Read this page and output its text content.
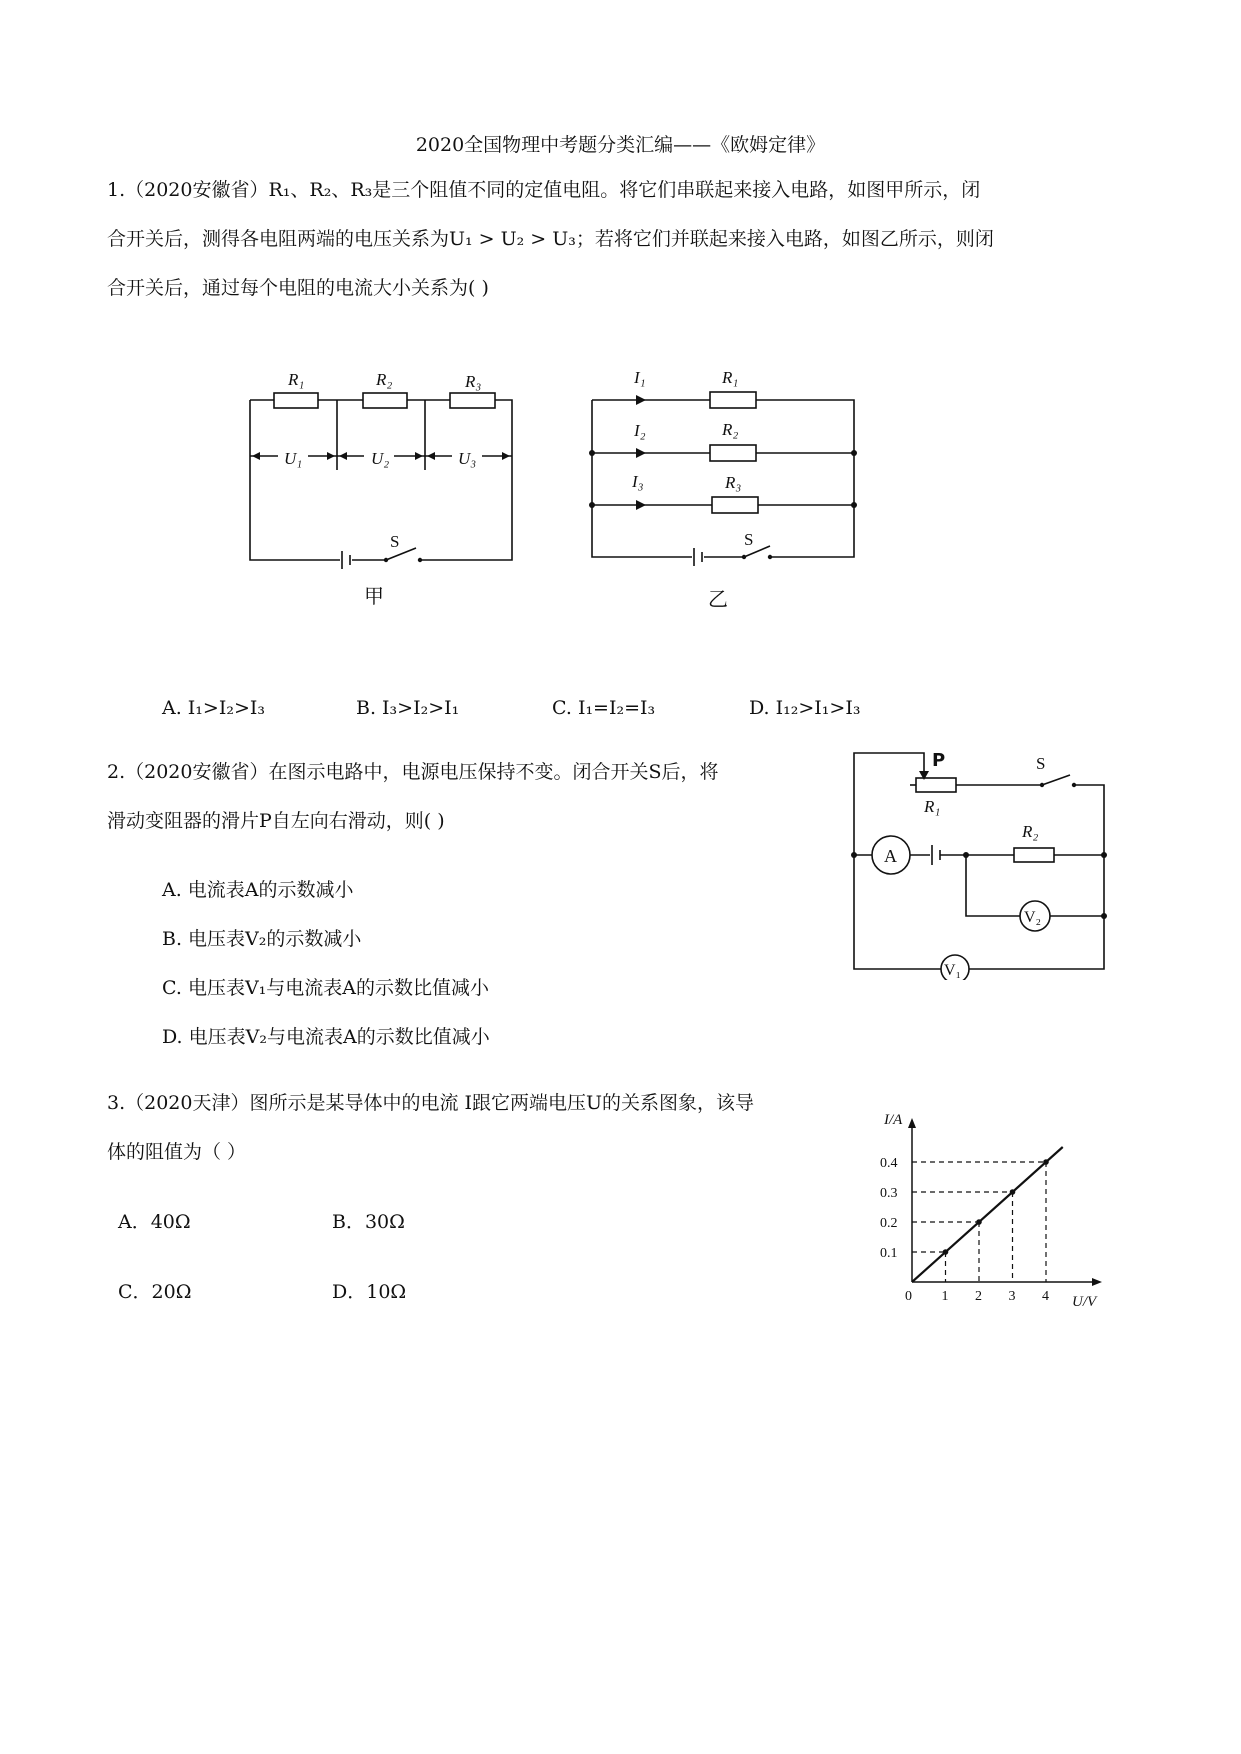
2020全国物理中考题分类汇编——《欧姆定律》
1.（2020安徽省）R₁、R₂、R₃是三个阻值不同的定值电阻。将它们串联起来接入电路，如图甲所示，闭
合开关后，测得各电阻两端的电压关系为U₁ > U₂ > U₃；若将它们并联起来接入电路，如图乙所示，则闭
合开关后，通过每个电阻的电流大小关系为( )
R₁	R₂	R₃
U₁	U₂	U₃
S
甲
I₁	R₁
I₂	R₂
I₃	R₃
S
乙
A. I₁>I₂>I₃	B. I₃>I₂>I₁	C. I₁=I₂=I₃	D. I₁₂>I₁>I₃
2.（2020安徽省）在图示电路中，电源电压保持不变。闭合开关S后，将
滑动变阻器的滑片P自左向右滑动，则( )
A. 电流表A的示数减小
B. 电压表V₂的示数减小
C. 电压表V₁与电流表A的示数比值减小
D. 电压表V₂与电流表A的示数比值减小
P
R₁
S
A
R₂
V₂
V₁
3.（2020天津）图所示是某导体中的电流 I跟它两端电压U的关系图象，该导
体的阻值为（ ）
A．40Ω	B．30Ω
C．20Ω	D．10Ω	0 1 2 3 4
0.1
0.2
0.3
0.4
I/A
U/V
